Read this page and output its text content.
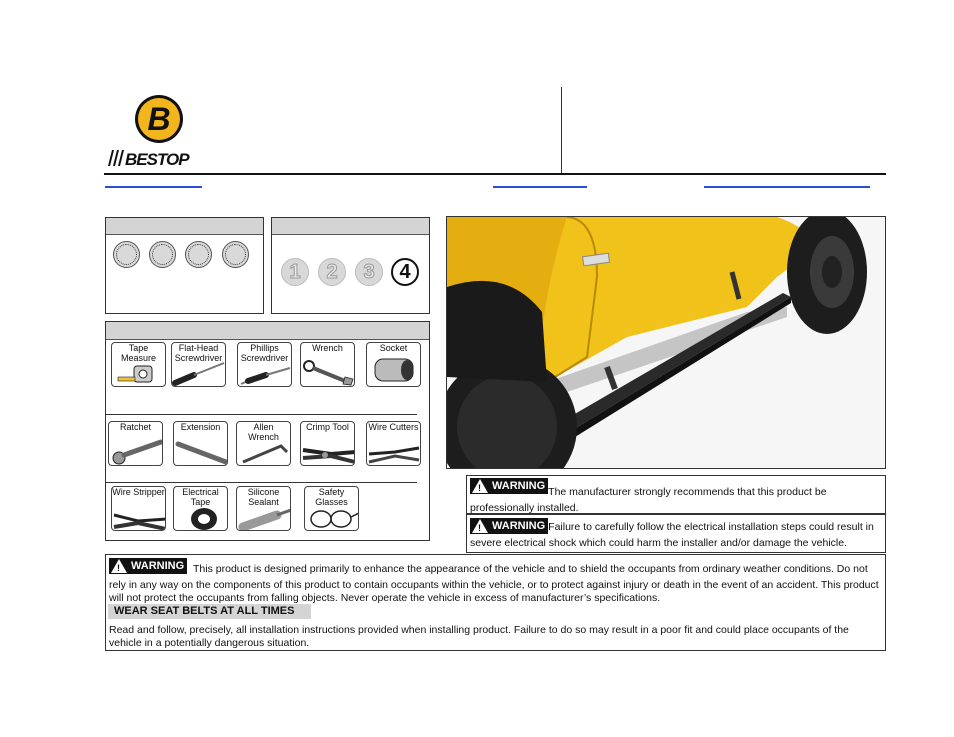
B
BESTOP
1	2	3	4
Tape Measure
Flat-Head Screwdriver
Phillips Screwdriver
Wrench	Socket
Ratchet	Extension	Allen Wrench
Crimp Tool	Wire Cutters
Wire Stripper	Electrical Tape
Silicone Sealant
Safety Glasses
! WARNING
The manufacturer strongly recommends that this product be professionally installed.
! WARNING Failure to carefully follow the electrical installation steps could result in severe electrical shock which could harm the installer and/or damage the vehicle.
! WARNING This product is designed primarily to enhance the appearance of the vehicle and to shield the occupants from ordinary weather conditions. Do not rely in any way on the components of this product to contain occupants within the vehicle, or to protect against injury or death in the event of an accident. This product will not protect the occupants from falling objects. Never operate the vehicle in excess of manufacturer’s specifications.
WEAR SEAT BELTS AT ALL TIMES
Read and follow, precisely, all installation instructions provided when installing product. Failure to do so may result in a poor fit and could place occupants of the vehicle in a potentially dangerous situation.
